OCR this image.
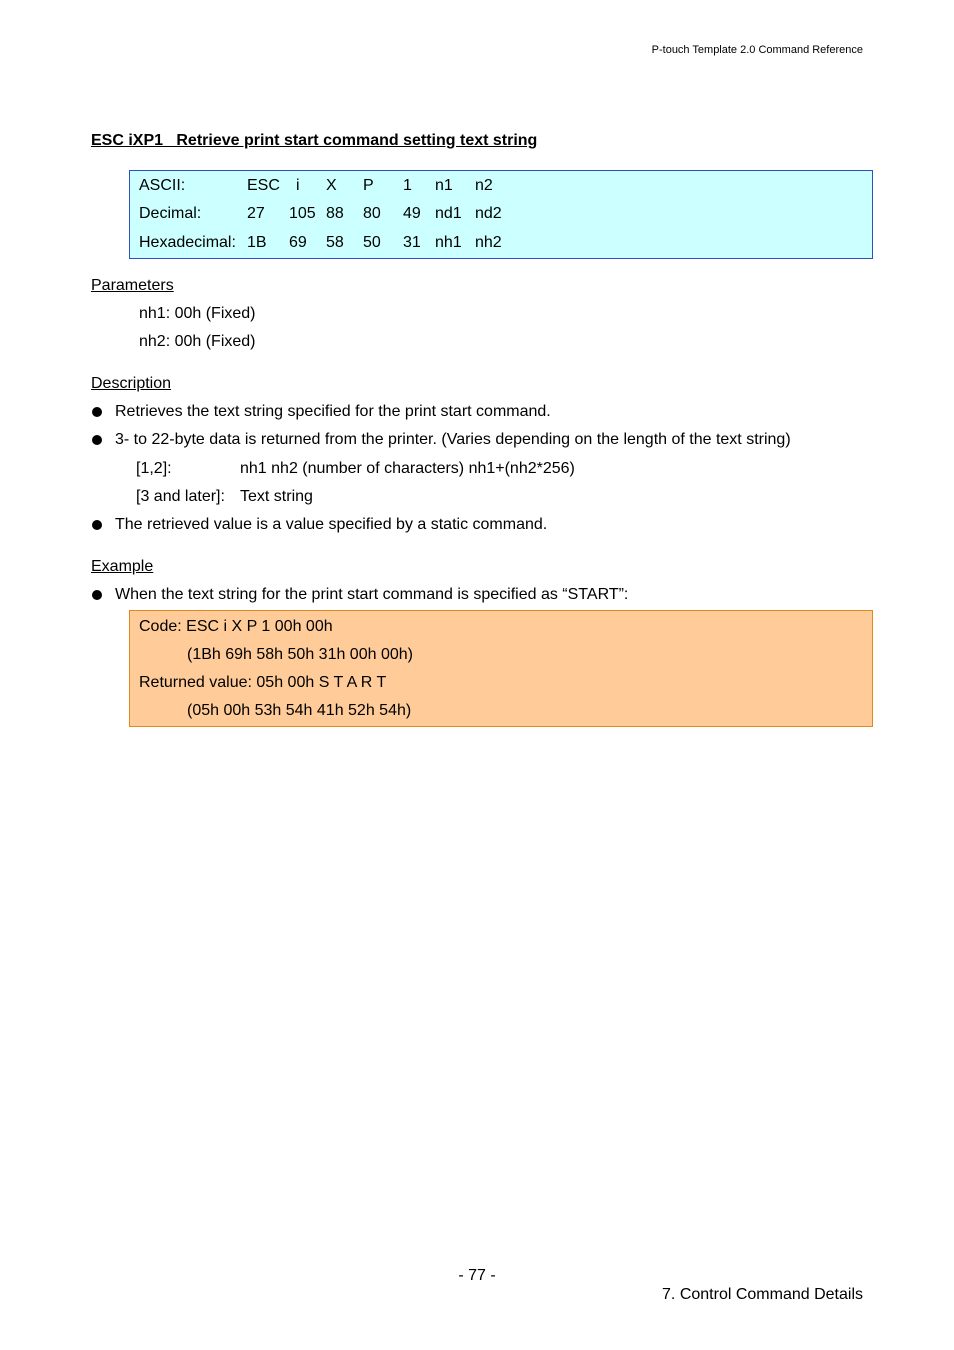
P-touch Template 2.0 Command Reference
ESC iXP1   Retrieve print start command setting text string
ASCII:	ESC i X P 1 n1 n2
Decimal:	27 105 88 80 49 nd1 nd2
Hexadecimal: 1B 69 58 50 31 nh1 nh2
Parameters
nh1: 00h (Fixed)
nh2: 00h (Fixed)
Description
Retrieves the text string specified for the print start command.
3- to 22-byte data is returned from the printer. (Varies depending on the length of the text string)
[1,2]:	nh1 nh2 (number of characters) nh1+(nh2*256)
[3 and later]: Text string
The retrieved value is a value specified by a static command.
Example
When the text string for the print start command is specified as “START”:
Code: ESC i X P 1 00h 00h
(1Bh 69h 58h 50h 31h 00h 00h)
Returned value: 05h 00h S T A R T
(05h 00h 53h 54h 41h 52h 54h)
- 77 -
7. Control Command Details
